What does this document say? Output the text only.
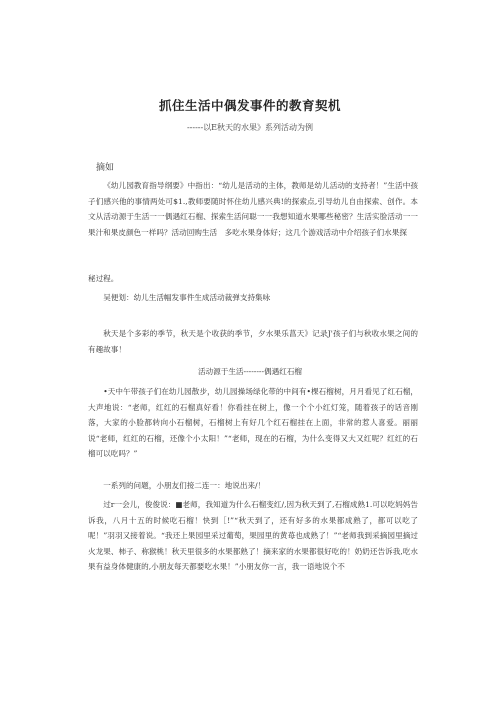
抓住生活中偶发事件的教育契机
------以E秋天的水果》系列活动为例
摘如

《幼儿园教育指导纲要》中指出：“幼儿是活动的主体，教师是幼儿活动的支持者！”生活中孩子们感兴他的事情两处可$1.,教师要随时怀住幼儿感兴典!的探索点,引导幼儿自由探索、创作。本文从活动源于生活一一偶遇红石榴、探索生活问聪一一我想知道水果哪些秘密？生活实脸活动一一果汁和果皮颜色一样吗？活动回购生活　多吃水果身体好；这几个游戏活动中介绍孩子们水果探

秘过程。

吴便划：幼儿生活幅发事件生成活动裁弹支持集咏

秋天是个多彩的季节，秋天是个收获的季节，夕水果乐菖天》记录J'孩子们与秋收水果之间的有趣故事！

活动源于生活--------偶遇红石榴

•天中午带孩子们在幼儿园散步，幼儿园操场绿化带的中间有•棵石榴树，月月看见了红石榴，大声地说：“老师，红红的石榴真好看！你看挂在树上，像一个个小红灯笼，随着孩子的话音刚落，大家的小脸都转向小石榴树，石榴树上有好几个红石榴挂在上面，非常的惹人喜爱。丽丽说“老师，红红的石榴，还像个小太阳！”“老师，现在的石榴，为什么变得又大又红呢？红红的石榴可以吃吗？”

一系列的问题，小朋友们接二连一：地说出来/！

过r一会儿，俊俊说：■老师，我知道为什么石榴变红/,因为秋天到了,石榴成熟1.可以吃妈妈告诉我，八月十五的时候吃石榴！快到［!”“秋天到了，还有好多的水果都成熟了，都可以吃了呢！”羽羽又接着说。“我还上果园里采过葡萄，果园里的黄苺也成熟了！”“老师我到采摘园里摘过火龙果、柿子、称猴桃！秋天里很多的水果都熟了！摘来家的水果都很好吃的！奶奶还告诉我,吃水果有益身体健康的,小朋友每天都要吃水果！”小朋友你一言，我一语地说个不
